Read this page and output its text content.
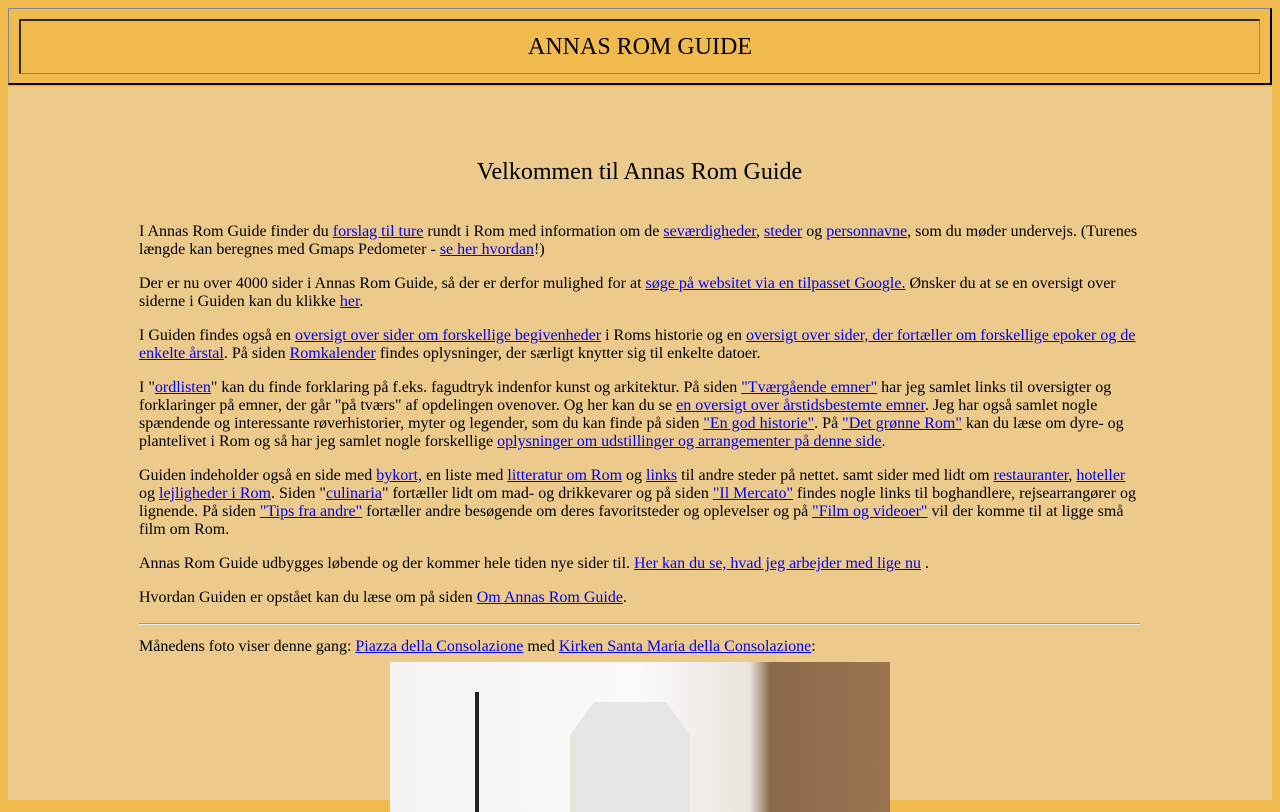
ANNAS ROM GUIDE
Velkommen til Annas Rom Guide

I Annas Rom Guide finder du forslag til ture rundt i Rom med information om de seværdigheder, steder og personnavne, som du møder undervejs. (Turenes længde kan beregnes med Gmaps Pedometer - se her hvordan!)

Der er nu over 4000 sider i Annas Rom Guide, så der er derfor mulighed for at søge på websitet via en tilpasset Google. Ønsker du at se en oversigt over siderne i Guiden kan du klikke her.

I Guiden findes også en oversigt over sider om forskellige begivenheder i Roms historie og en oversigt over sider, der fortæller om forskellige epoker og de enkelte årstal. På siden Romkalender findes oplysninger, der særligt knytter sig til enkelte datoer.

I "ordlisten" kan du finde forklaring på f.eks. fagudtryk indenfor kunst og arkitektur. På siden "Tværgående emner" har jeg samlet links til oversigter og forklaringer på emner, der går "på tværs" af opdelingen ovenover. Og her kan du se en oversigt over årstidsbestemte emner. Jeg har også samlet nogle spændende og interessante røverhistorier, myter og legender, som du kan finde på siden "En god historie". På "Det grønne Rom" kan du læse om dyre- og plantelivet i Rom og så har jeg samlet nogle forskellige oplysninger om udstillinger og arrangementer på denne side.

Guiden indeholder også en side med bykort, en liste med litteratur om Rom og links til andre steder på nettet. samt sider med lidt om restauranter, hoteller og lejligheder i Rom. Siden "culinaria" fortæller lidt om mad- og drikkevarer og på siden "Il Mercato" findes nogle links til boghandlere, rejsearrangører og lignende. På siden "Tips fra andre" fortæller andre besøgende om deres favoritsteder og oplevelser og på "Film og videoer" vil der komme til at ligge små film om Rom.

Annas Rom Guide udbygges løbende og der kommer hele tiden nye sider til. Her kan du se, hvad jeg arbejder med lige nu .

Hvordan Guiden er opstået kan du læse om på siden Om Annas Rom Guide.

Månedens foto viser denne gang: Piazza della Consolazione med Kirken Santa Maria della Consolazione:
